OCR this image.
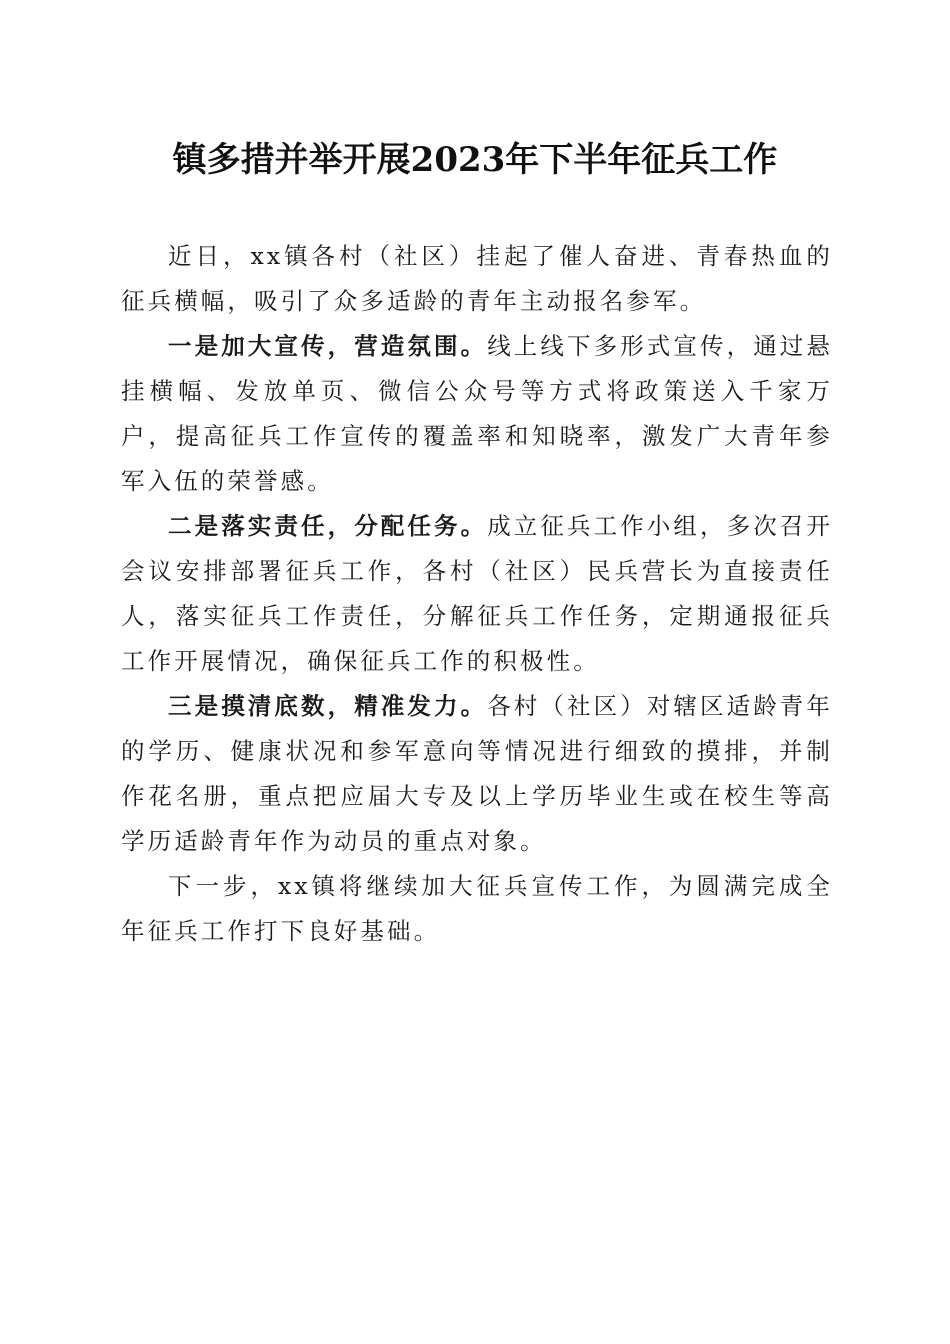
镇多措并举开展2023年下半年征兵工作

近日，xx镇各村（社区）挂起了催人奋进、青春热血的征兵横幅，吸引了众多适龄的青年主动报名参军。

一是加大宣传，营造氛围。线上线下多形式宣传，通过悬挂横幅、发放单页、微信公众号等方式将政策送入千家万户，提高征兵工作宣传的覆盖率和知晓率，激发广大青年参军入伍的荣誉感。

二是落实责任，分配任务。成立征兵工作小组，多次召开会议安排部署征兵工作，各村（社区）民兵营长为直接责任人，落实征兵工作责任，分解征兵工作任务，定期通报征兵工作开展情况，确保征兵工作的积极性。

三是摸清底数，精准发力。各村（社区）对辖区适龄青年的学历、健康状况和参军意向等情况进行细致的摸排，并制作花名册，重点把应届大专及以上学历毕业生或在校生等高学历适龄青年作为动员的重点对象。

下一步，xx镇将继续加大征兵宣传工作，为圆满完成全年征兵工作打下良好基础。
